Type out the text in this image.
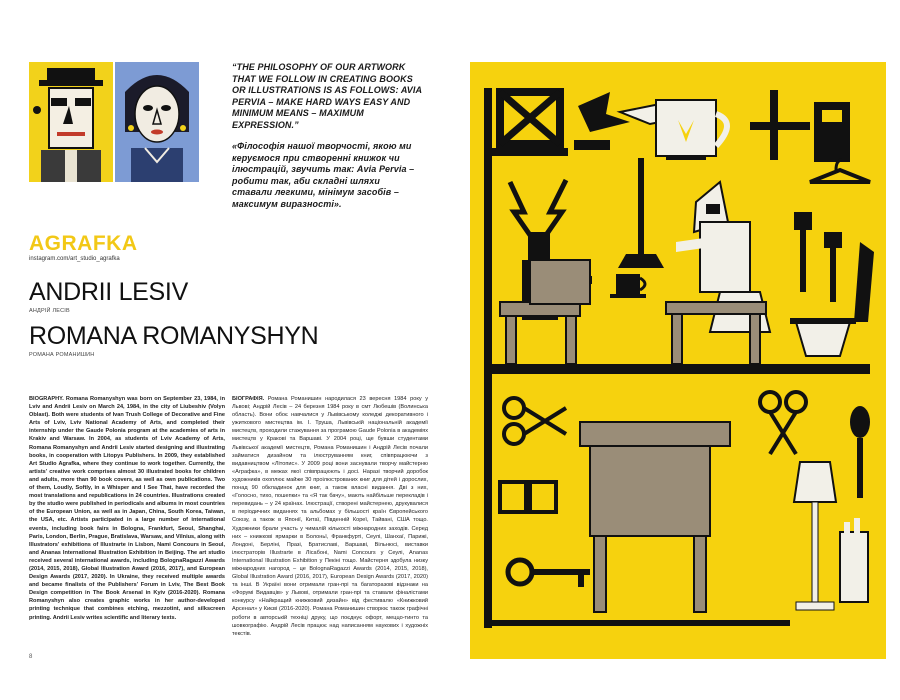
“THE PHILOSOPHY OF OUR ARTWORK THAT WE FOLLOW IN CREATING BOOKS OR ILLUSTRATIONS IS AS FOLLOWS: AVIA PERVIA – MAKE HARD WAYS EASY AND MINIMUM MEANS – MAXIMUM EXPRESSION.”

«Філософія нашої творчості, якою ми керуємося при створенні книжок чи ілюстрацій, звучить так: Avia Pervia – робити так, аби складні шляхи ставали легкими, мінімум засобів – максимум виразності».

AGRAFKA
instagram.com/art_studio_agrafka
ANDRII LESIV
АНДРІЙ ЛЕСІВ
ROMANA ROMANYSHYN
РОМАНА РОМАНИШИН
BIOGRAPHY. Romana Romanyshyn was born on September 23, 1984, in Lviv and Andrii Lesiv on March 24, 1984, in the city of Liubeshiv (Volyn Oblast). Both were students of Ivan Trush College of Decorative and Fine Arts of Lviv, Lviv National Academy of Arts, and completed their internship under the Gaude Polonia program at the academies of arts in Krakiv and Warsaw. In 2004, as students of Lviv Academy of Arts, Romana Romanyshyn and Andrii Lesiv started designing and illustrating books, in cooperation with Litopys Publishers. In 2009, they established Art Studio Agrafka, where they continue to work together. Currently, the artists' creative work comprises almost 30 illustrated books for children and adults, more than 90 book covers, as well as own publications. Two of them, Loudly, Softly, in a Whisper and I See That, have recorded the most translations and republications in 24 countries. Illustrations created by the studio were published in periodicals and albums in most countries of the European Union, as well as in Japan, China, South Korea, Taiwan, the USA, etc. Artists participated in a large number of international events, including book fairs in Bologna, Frankfurt, Seoul, Shanghai, Paris, London, Berlin, Prague, Bratislava, Warsaw, and Vilnius, along with Illustrators' exhibitions of Illustrarte in Lisbon, Nami Concours in Seoul, and Ananas International Illustration Exhibition in Beijing. The art studio received several international awards, including BolognaRagazzi Awards (2014, 2015, 2018), Global Illustration Award (2016, 2017), and European Design Awards (2017, 2020). In Ukraine, they received multiple awards and became finalists of the Publishers' Forum in Lviv, The Best Book Design competition in The Book Arsenal in Kyiv (2016-2020). Romana Romanyshyn also creates graphic works in her author-developed printing technique that combines etching, mezzotint, and silkscreen printing. Andrii Lesiv writes scientific and literary texts.
БІОГРАФІЯ. Романа Романишин народилася 23 вересня 1984 року у Львові; Андрій Лесів – 24 березня 1984 року в смт Любешів (Волинська область). Вони обоє навчалися у Львівському коледжі декоративного і ужиткового мистецтва ім. І. Труша, Львівській національній академії мистецтв, проходили стажування за програмою Gaude Polonia в академіях мистецтв у Кракові та Варшаві. У 2004 році, ще бувши студентами Львівської академії мистецтв, Романа Романишин і Андрій Лесів почали займатися дизайном та ілюструванням книг, співпрацюючи з видавництвом «Літопис». У 2009 році вони заснували творчу майстерню «Аграфка», в межах якої співпрацюють і досі. Наразі творчий доробок художників охоплює майже 30 проілюстрованих книг для дітей і дорослих, понад 90 обкладинок для книг, а також власні видання. Дві з них, «Голосно, тихо, пошепки» та «Я так бачу», мають найбільше перекладів і перевидань – у 24 країнах. Ілюстрації, створені майстернею, друкувалися в періодичних виданнях та альбомах у більшості країн Європейського Союзу, а також в Японії, Китаї, Південній Кореї, Тайвані, США тощо. Художники брали участь у чималій кількості міжнародних заходів. Серед них – книжкові ярмарки в Болоньї, Франкфурті, Сеулі, Шанхаї, Парижі, Лондоні, Берліні, Празі, Братиславі, Варшаві, Вільнюсі, виставки ілюстраторів Illustrarte в Лісабоні, Nami Concours у Сеулі, Ananas International Illustration Exhibition у Пекіні тощо. Майстерня здобула низку міжнародних нагород – це BolognaRagazzi Awards (2014, 2015, 2018), Global Illustration Award (2016, 2017), European Design Awards (2017, 2020) та інші. В Україні вони отримали гран-прі та багаторазові відзнаки на «Форумі Видавців» у Львові, отримали гран-прі та ставали фіналістами конкурсу «Найкращий книжковий дизайн» від фестивалю «Книжковий Арсенал» у Києві (2016-2020). Романа Романишин створює також графічні роботи в авторській техніці друку, що поєднує офорт, меццо-тинто та шовкографію. Андрій Лесів працює над написанням наукових і художніх текстів.
8
